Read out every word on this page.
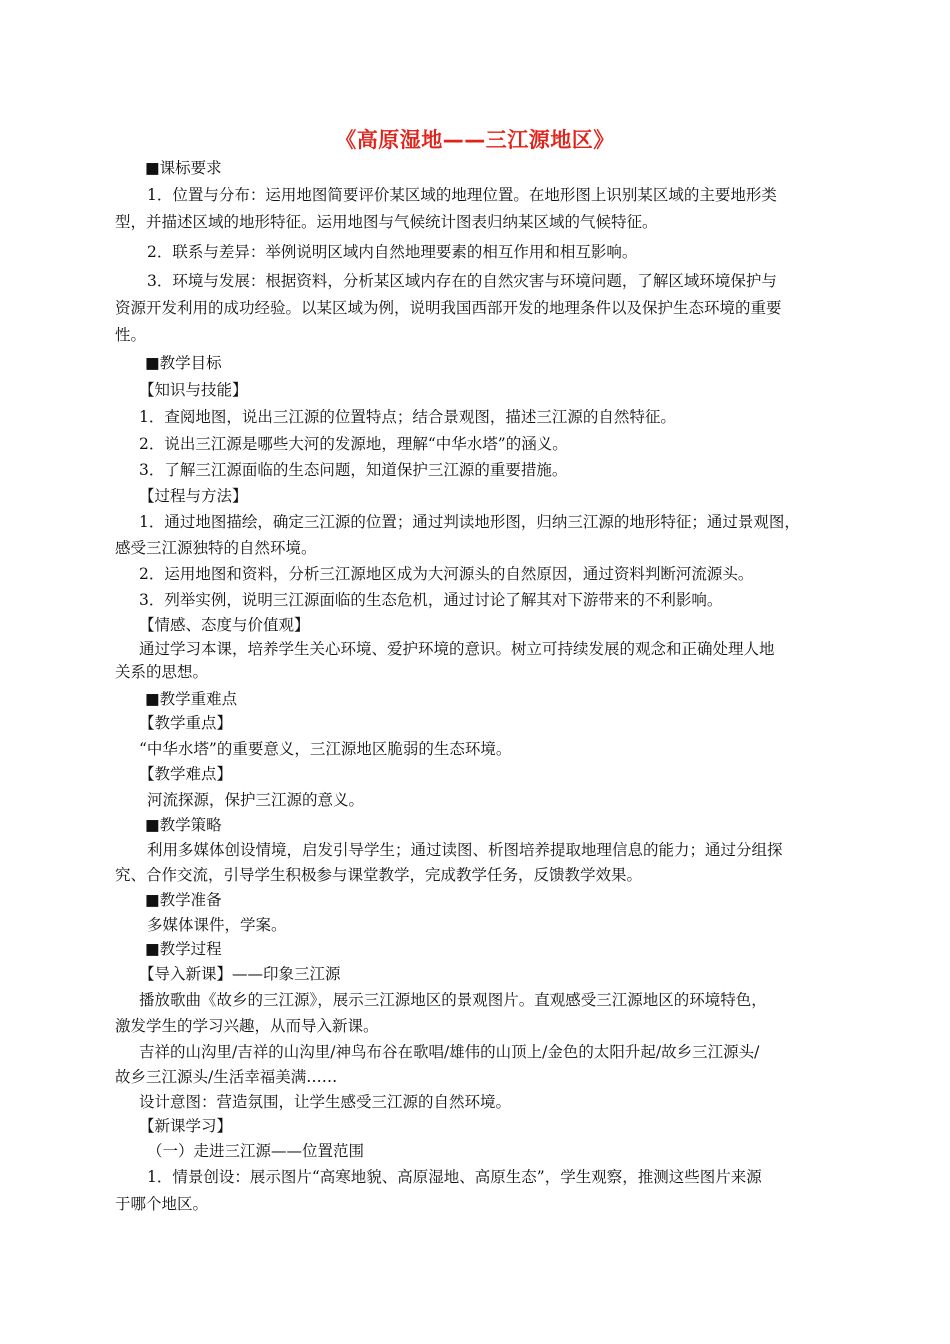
《高原湿地——三江源地区》
■课标要求
1．位置与分布：运用地图简要评价某区域的地理位置。在地形图上识别某区域的主要地形类
型，并描述区域的地形特征。运用地图与气候统计图表归纳某区域的气候特征。
2．联系与差异：举例说明区域内自然地理要素的相互作用和相互影响。
3．环境与发展：根据资料，分析某区域内存在的自然灾害与环境问题，了解区域环境保护与
资源开发利用的成功经验。以某区域为例，说明我国西部开发的地理条件以及保护生态环境的重要
性。
■教学目标
【知识与技能】
1．查阅地图，说出三江源的位置特点；结合景观图，描述三江源的自然特征。
2．说出三江源是哪些大河的发源地，理解“中华水塔”的涵义。
3．了解三江源面临的生态问题，知道保护三江源的重要措施。
【过程与方法】
1．通过地图描绘，确定三江源的位置；通过判读地形图，归纳三江源的地形特征；通过景观图，
感受三江源独特的自然环境。
2．运用地图和资料，分析三江源地区成为大河源头的自然原因，通过资料判断河流源头。
3．列举实例，说明三江源面临的生态危机，通过讨论了解其对下游带来的不利影响。
【情感、态度与价值观】
通过学习本课，培养学生关心环境、爱护环境的意识。树立可持续发展的观念和正确处理人地
关系的思想。
■教学重难点
【教学重点】
“中华水塔”的重要意义，三江源地区脆弱的生态环境。
【教学难点】
河流探源，保护三江源的意义。
■教学策略
利用多媒体创设情境，启发引导学生；通过读图、析图培养提取地理信息的能力；通过分组探
究、合作交流，引导学生积极参与课堂教学，完成教学任务，反馈教学效果。
■教学准备
多媒体课件，学案。
■教学过程
【导入新课】——印象三江源
播放歌曲《故乡的三江源》，展示三江源地区的景观图片。直观感受三江源地区的环境特色，
激发学生的学习兴趣，从而导入新课。
吉祥的山沟里/吉祥的山沟里/神鸟布谷在歌唱/雄伟的山顶上/金色的太阳升起/故乡三江源头/
故乡三江源头/生活幸福美满……
设计意图：营造氛围，让学生感受三江源的自然环境。
【新课学习】
（一）走进三江源——位置范围
1．情景创设：展示图片“高寒地貌、高原湿地、高原生态”，学生观察，推测这些图片来源
于哪个地区。
